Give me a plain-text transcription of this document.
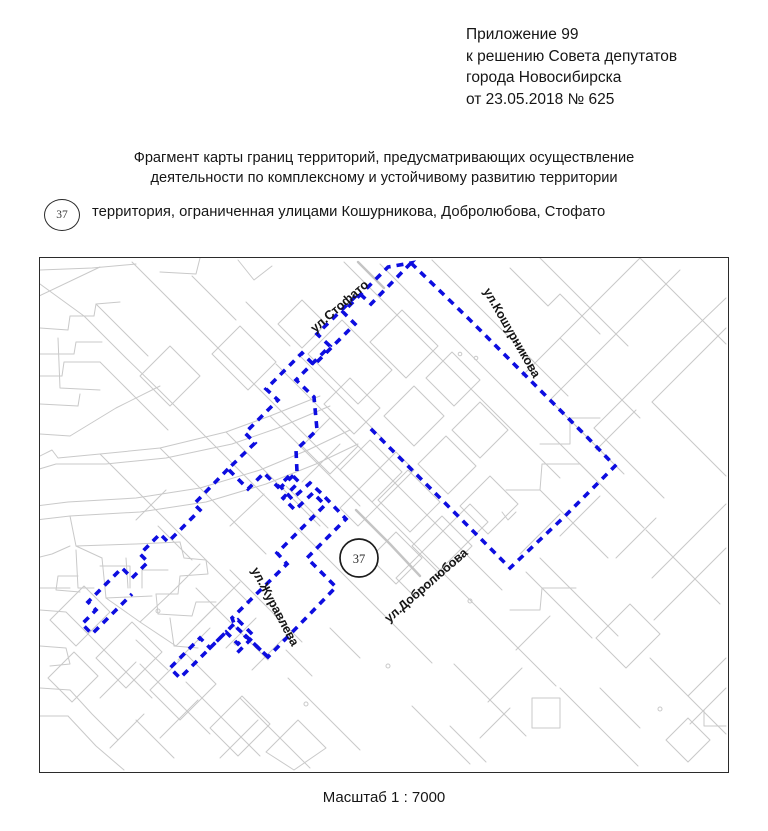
Приложение 99
к решению Совета депутатов
города Новосибирска
от 23.05.2018 № 625
Фрагмент карты границ территорий, предусматривающих осуществление
деятельности по комплексному и устойчивому развитию территории
37 территория, ограниченная улицами Кошурникова, Добролюбова, Стофато
37
ул.Стофато	ул.Кошурникова
ул.Журавлева	ул.Добролюбова
Масштаб 1 : 7000
